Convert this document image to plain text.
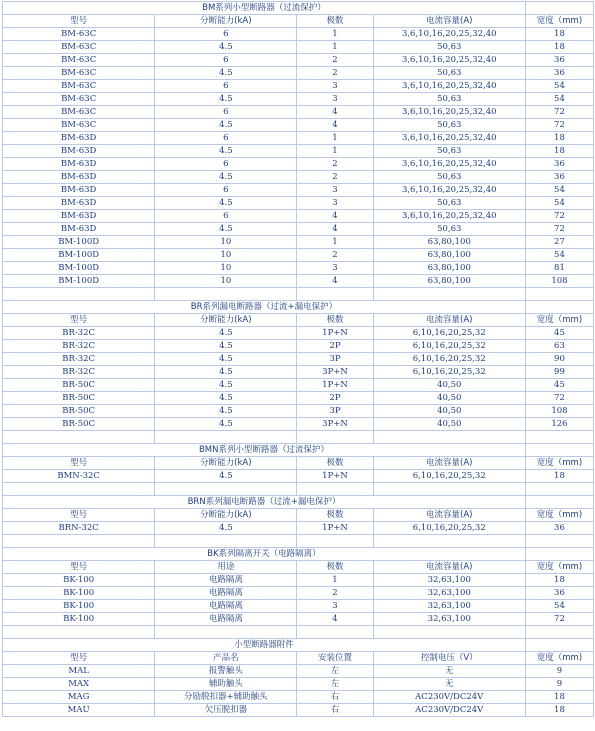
BM系列小型断路器（过流保护）				
型号	分断能力(kA)	极数	电流容量(A)	宽度（mm)
BM-63C	6	1	3,6,10,16,20,25,32,40	18
BM-63C	4.5	1	50,63	18
BM-63C	6	2	3,6,10,16,20,25,32,40	36
BM-63C	4.5	2	50,63	36
BM-63C	6	3	3,6,10,16,20,25,32,40	54
BM-63C	4.5	3	50,63	54
BM-63C	6	4	3,6,10,16,20,25,32,40	72
BM-63C	4.5	4	50,63	72
BM-63D	6	1	3,6,10,16,20,25,32,40	18
BM-63D	4.5	1	50,63	18
BM-63D	6	2	3,6,10,16,20,25,32,40	36
BM-63D	4.5	2	50,63	36
BM-63D	6	3	3,6,10,16,20,25,32,40	54
BM-63D	4.5	3	50,63	54
BM-63D	6	4	3,6,10,16,20,25,32,40	72
BM-63D	4.5	4	50,63	72
BM-100D	10	1	63,80,100	27
BM-100D	10	2	63,80,100	54
BM-100D	10	3	63,80,100	81
BM-100D	10	4	63,80,100	108

BR系列漏电断路器（过流+漏电保护）				
型号	分断能力(kA)	极数	电流容量(A)	宽度（mm)
BR-32C	4.5	1P+N	6,10,16,20,25,32	45
BR-32C	4.5	2P	6,10,16,20,25,32	63
BR-32C	4.5	3P	6,10,16,20,25,32	90
BR-32C	4.5	3P+N	6,10,16,20,25,32	99
BR-50C	4.5	1P+N	40,50	45
BR-50C	4.5	2P	40,50	72
BR-50C	4.5	3P	40,50	108
BR-50C	4.5	3P+N	40,50	126

BMN系列小型断路器（过流保护）				
型号	分断能力(kA)	极数	电流容量(A)	宽度（mm)
BMN-32C	4.5	1P+N	6,10,16,20,25,32	18

BRN系列漏电断路器（过流+漏电保护）				
型号	分断能力(kA)	极数	电流容量(A)	宽度（mm)
BRN-32C	4.5	1P+N	6,10,16,20,25,32	36

BK系列隔离开关（电路隔离）				
型号	用途	极数	电流容量(A)	宽度（mm)
BK-100	电路隔离	1	32,63,100	18
BK-100	电路隔离	2	32,63,100	36
BK-100	电路隔离	3	32,63,100	54
BK-100	电路隔离	4	32,63,100	72

小型断路器附件				
型号	产品名	安装位置	控制电压（V）	宽度（mm)
MAL	报警触头	左	无	9
MAX	辅助触头	左	无	9
MAG	分励脱扣器+辅助触头	右	AC230V/DC24V	18
MAU	欠压脱扣器	右	AC230V/DC24V	18
